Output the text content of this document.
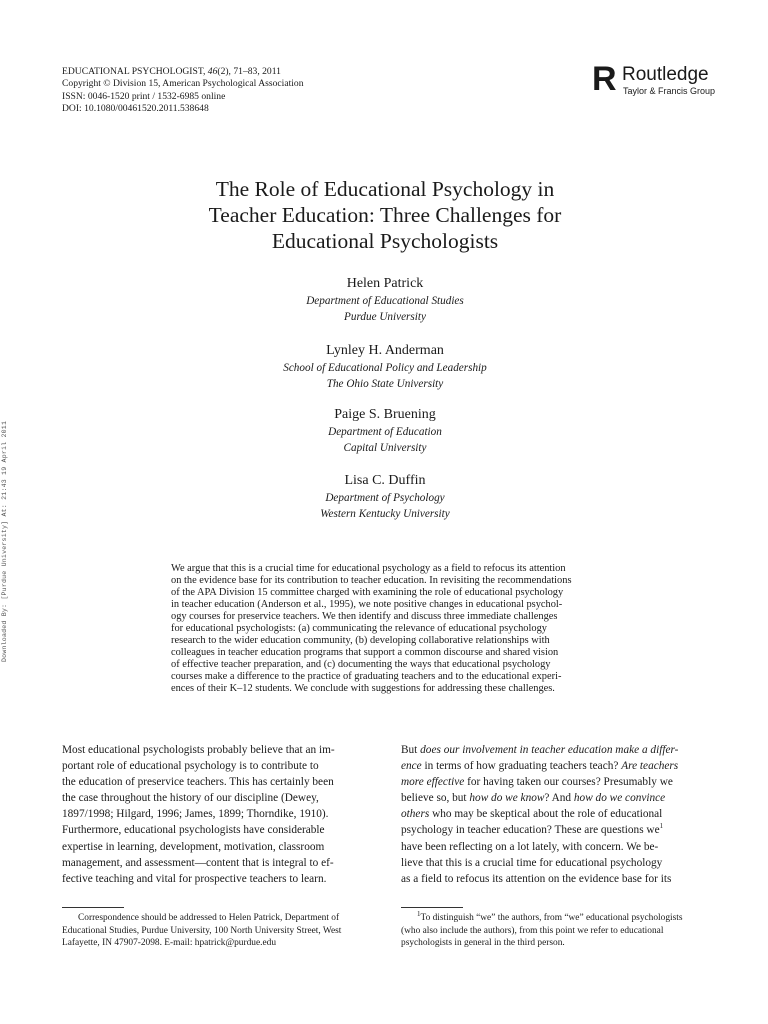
EDUCATIONAL PSYCHOLOGIST, 46(2), 71–83, 2011
Copyright © Division 15, American Psychological Association
ISSN: 0046-1520 print / 1532-6985 online
DOI: 10.1080/00461520.2011.538648
R Routledge
Taylor & Francis Group
Downloaded By: [Purdue University] At: 21:43 19 April 2011
The Role of Educational Psychology in
Teacher Education: Three Challenges for
Educational Psychologists
Helen Patrick
Department of Educational Studies
Purdue University
Lynley H. Anderman
School of Educational Policy and Leadership
The Ohio State University
Paige S. Bruening
Department of Education
Capital University
Lisa C. Duffin
Department of Psychology
Western Kentucky University
We argue that this is a crucial time for educational psychology as a field to refocus its attention
on the evidence base for its contribution to teacher education. In revisiting the recommendations
of the APA Division 15 committee charged with examining the role of educational psychology
in teacher education (Anderson et al., 1995), we note positive changes in educational psychol-
ogy courses for preservice teachers. We then identify and discuss three immediate challenges
for educational psychologists: (a) communicating the relevance of educational psychology
research to the wider education community, (b) developing collaborative relationships with
colleagues in teacher education programs that support a common discourse and shared vision
of effective teacher preparation, and (c) documenting the ways that educational psychology
courses make a difference to the practice of graduating teachers and to the educational experi-
ences of their K–12 students. We conclude with suggestions for addressing these challenges.
Most educational psychologists probably believe that an im-
portant role of educational psychology is to contribute to
the education of preservice teachers. This has certainly been
the case throughout the history of our discipline (Dewey,
1897/1998; Hilgard, 1996; James, 1899; Thorndike, 1910).
Furthermore, educational psychologists have considerable
expertise in learning, development, motivation, classroom
management, and assessment—content that is integral to ef-
fective teaching and vital for prospective teachers to learn.
But does our involvement in teacher education make a differ-
ence in terms of how graduating teachers teach? Are teachers
more effective for having taken our courses? Presumably we
believe so, but how do we know? And how do we convince
others who may be skeptical about the role of educational
psychology in teacher education? These are questions $we^1$
have been reflecting on a lot lately, with concern. We be-
lieve that this is a crucial time for educational psychology
as a field to refocus its attention on the evidence base for its
Correspondence should be addressed to Helen Patrick, Department of
Educational Studies, Purdue University, 100 North University Street, West
Lafayette, IN 47907-2098. E-mail: hpatrick@purdue.edu
$^1$To distinguish “we” the authors, from “we” educational psychologists
(who also include the authors), from this point we refer to educational
psychologists in general in the third person.
